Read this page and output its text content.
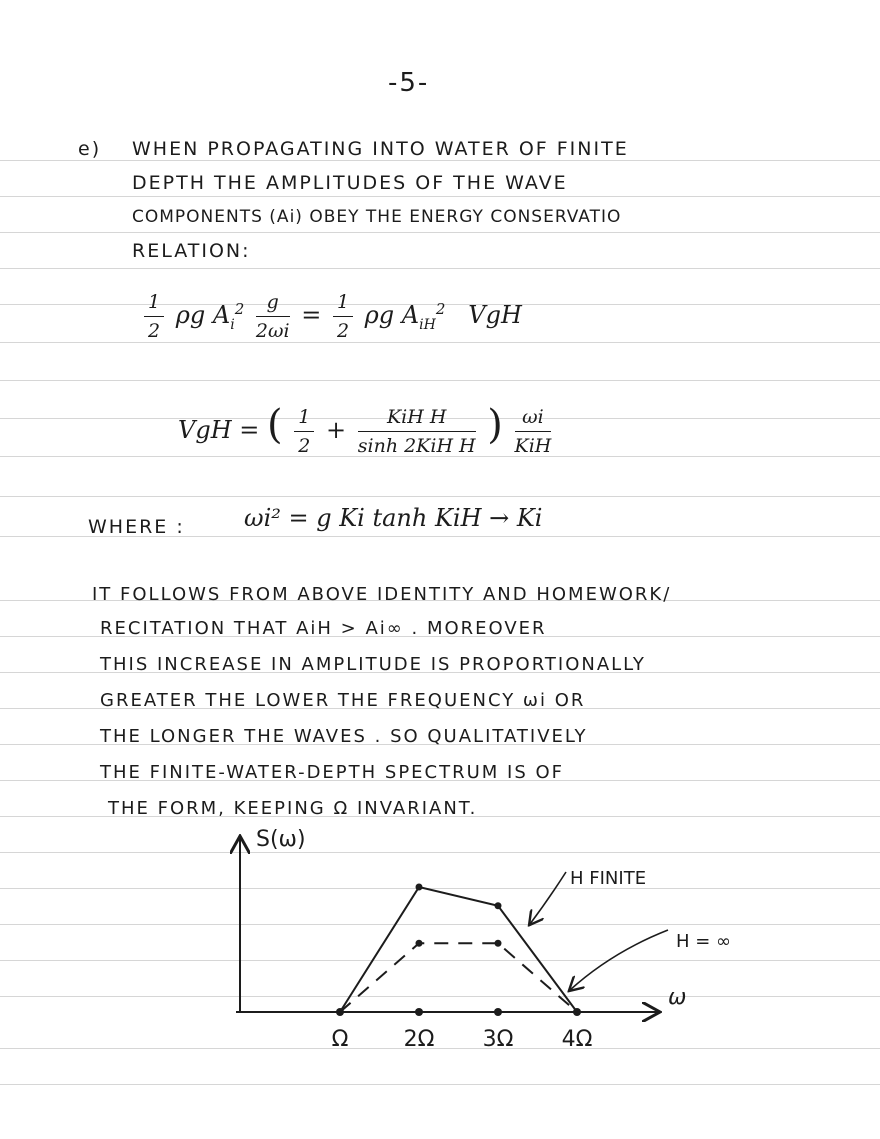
-5-
e) WHEN PROPAGATING INTO WATER OF FINITE
DEPTH THE AMPLITUDES OF THE WAVE
COMPONENTS (Ai) OBEY THE ENERGY CONSERVATIO
RELATION:
$\frac{1}{2}$ ρg $A_i^2 \frac{g}{2\omega i} = \frac{1}{2}$ ρg $A_{iH}^2$ VgH
VgH = ( $\frac{1}{2} + \frac{\text{KiH H}}{\text{sinh 2KiH H}}$ ) $\frac{\omega i}{\text{KiH}}$
WHERE : ωi² = g Ki tanh KiH → Ki
IT FOLLOWS FROM ABOVE IDENTITY AND HOMEWORK/
RECITATION THAT AiH > Ai∞ . MOREOVER
THIS INCREASE IN AMPLITUDE IS PROPORTIONALLY
GREATER THE LOWER THE FREQUENCY ωi OR
THE LONGER THE WAVES . SO QUALITATIVELY
THE FINITE-WATER-DEPTH SPECTRUM IS OF
THE FORM, KEEPING Ω INVARIANT.
S(ω)
ω
Ω	2Ω 3Ω 4Ω
H FINITE
H = ∞
